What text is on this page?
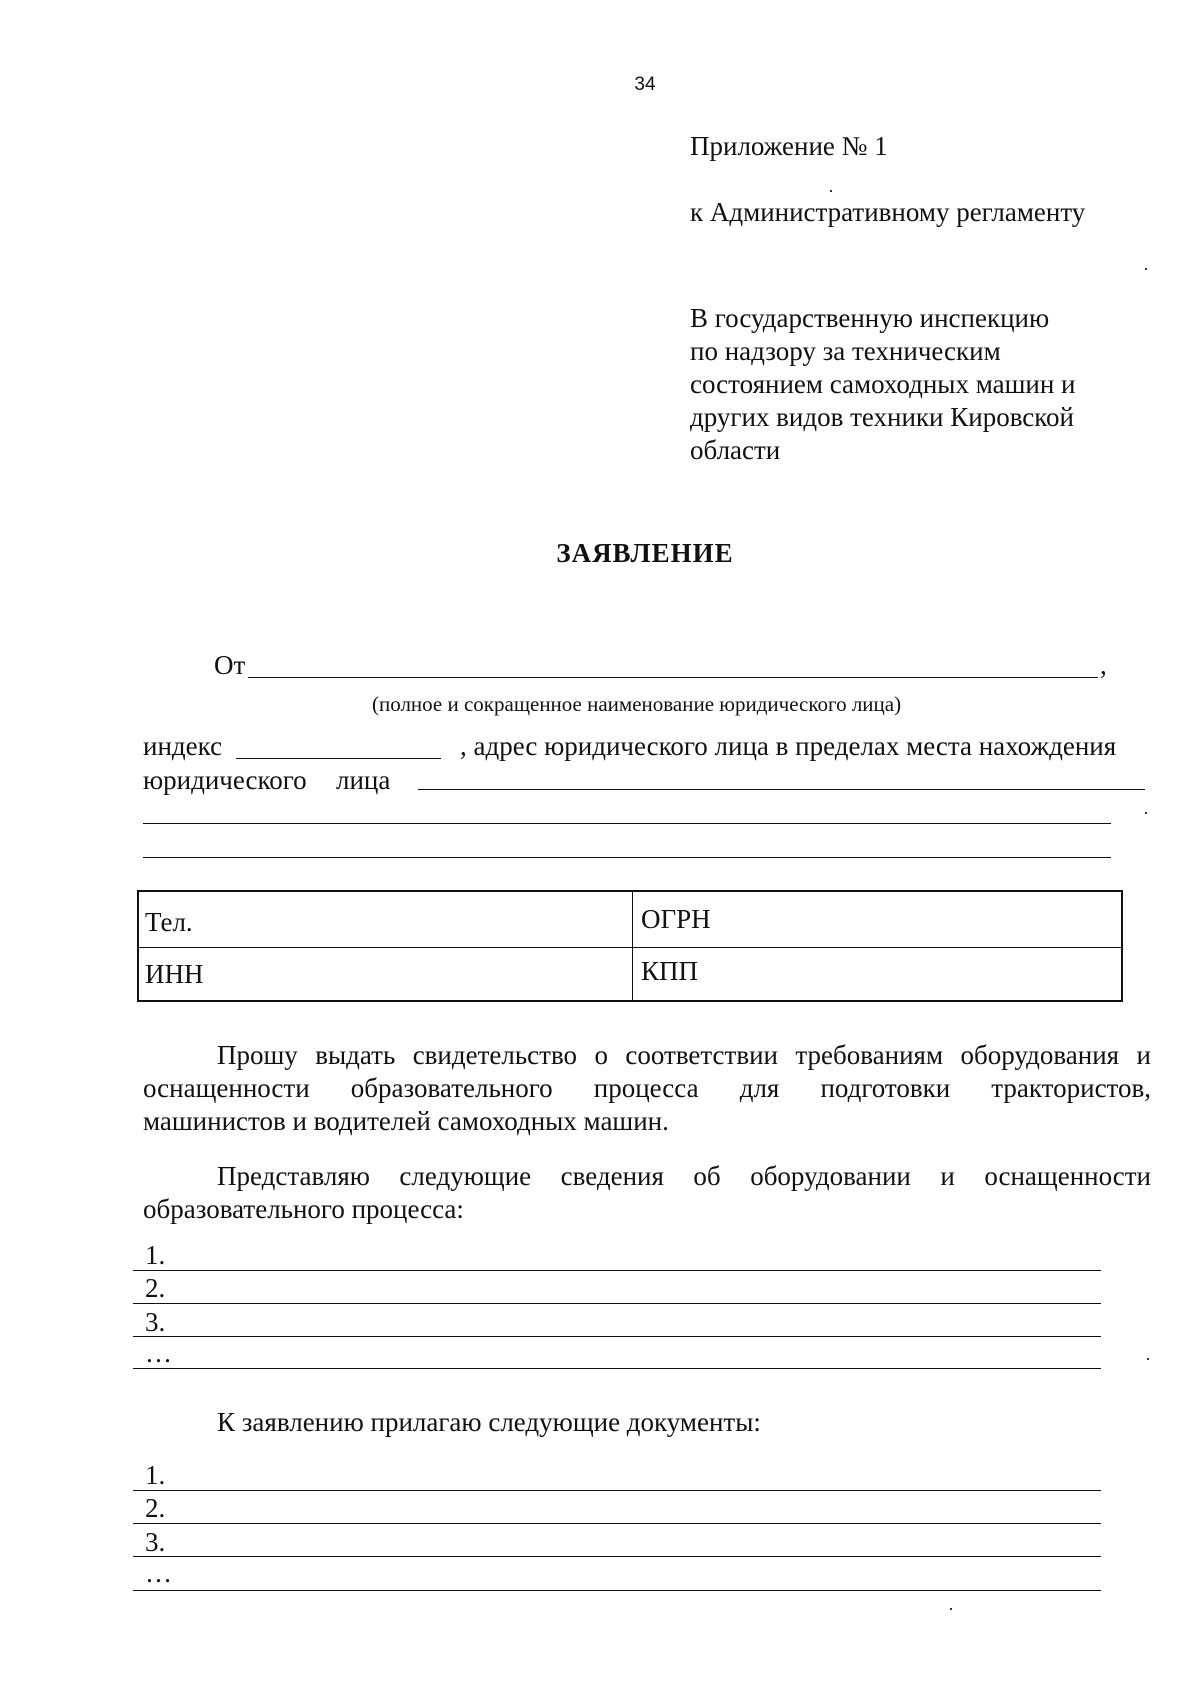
34
Приложение № 1
к Административному регламенту
В государственную инспекцию
по надзору за техническим
состоянием самоходных машин и
других видов техники Кировской
области
ЗАЯВЛЕНИЕ
От	,
(полное и сокращенное наименование юридического лица)
индекс	, адрес юридического лица в пределах места нахождения
юридического лица
Тел.	ОГРН
ИНН	КПП
Прошу выдать свидетельство о соответствии требованиям оборудования и
оснащенности образовательного процесса для подготовки трактористов,
машинистов и водителей самоходных машин.
Представляю следующие сведения об оборудовании и оснащенности
образовательного процесса:
1.
2.
3.
…
К заявлению прилагаю следующие документы:
1.
2.
3.
…
